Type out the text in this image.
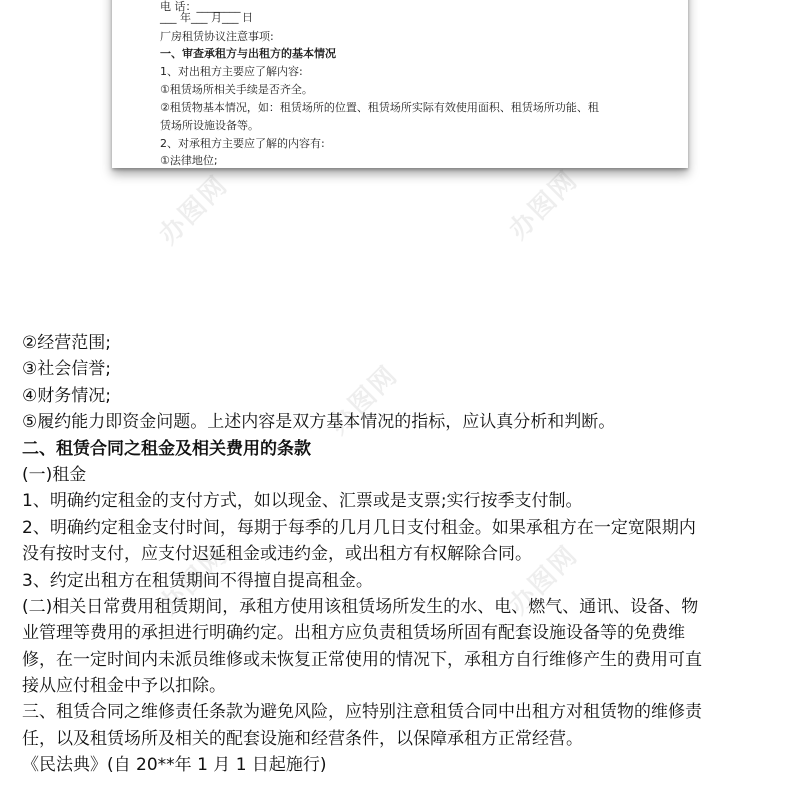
办图网	办图网
办图网
办图网	办图网
电 话：________
___ 年___ 月___ 日
厂房租赁协议注意事项:
一、审查承租方与出租方的基本情况
1、对出租方主要应了解内容:
①租赁场所相关手续是否齐全。
②租赁物基本情况，如：租赁场所的位置、租赁场所实际有效使用面积、租赁场所功能、租
赁场所设施设备等。
2、对承租方主要应了解的内容有:
①法律地位;
②经营范围;
③社会信誉;
④财务情况;
⑤履约能力即资金问题。上述内容是双方基本情况的指标，应认真分析和判断。
二、租赁合同之租金及相关费用的条款
(一)租金
1、明确约定租金的支付方式，如以现金、汇票或是支票;实行按季支付制。
2、明确约定租金支付时间，每期于每季的几月几日支付租金。如果承租方在一定宽限期内
没有按时支付，应支付迟延租金或违约金，或出租方有权解除合同。
3、约定出租方在租赁期间不得擅自提高租金。
(二)相关日常费用租赁期间，承租方使用该租赁场所发生的水、电、燃气、通讯、设备、物
业管理等费用的承担进行明确约定。出租方应负责租赁场所固有配套设施设备等的免费维
修，在一定时间内未派员维修或未恢复正常使用的情况下，承租方自行维修产生的费用可直
接从应付租金中予以扣除。
三、租赁合同之维修责任条款为避免风险，应特别注意租赁合同中出租方对租赁物的维修责
任，以及租赁场所及相关的配套设施和经营条件，以保障承租方正常经营。
《民法典》(自 20**年 1 月 1 日起施行)
